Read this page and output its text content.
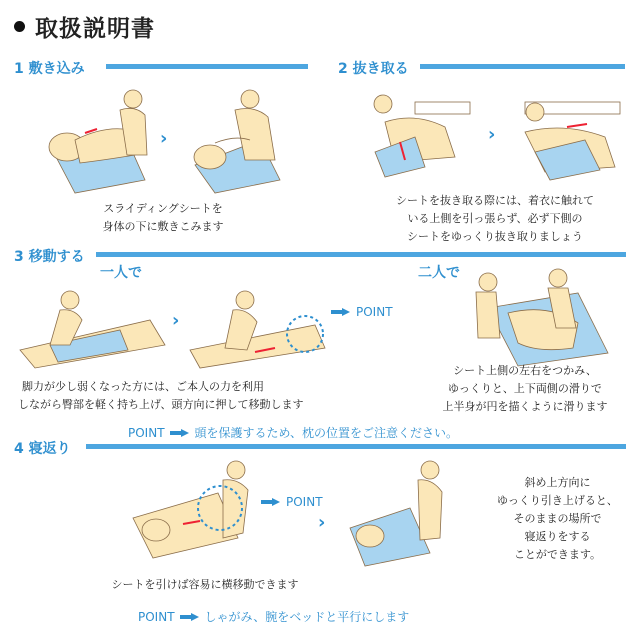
取扱説明書
1 敷き込み	2 抜き取る
›	›
スライディングシートを
身体の下に敷きこみます
シートを抜き取る際には、着衣に触れて
いる上側を引っ張らず、必ず下側の
シートをゆっくり抜き取りましょう
3 移動する
一人で	二人で
›	POINT
脚力が少し弱くなった方には、ご本人の力を利用
しながら臀部を軽く持ち上げ、頭方向に押して移動します
シート上側の左右をつかみ、
ゆっくりと、上下両側の滑りで
上半身が円を描くように滑ります
POINT	頭を保護するため、枕の位置をご注意ください。
4 寝返り
POINT
›
シートを引けば容易に横移動できます
斜め上方向に
ゆっくり引き上げると、
そのままの場所で
寝返りをする
ことができます。
POINT	しゃがみ、腕をベッドと平行にします
